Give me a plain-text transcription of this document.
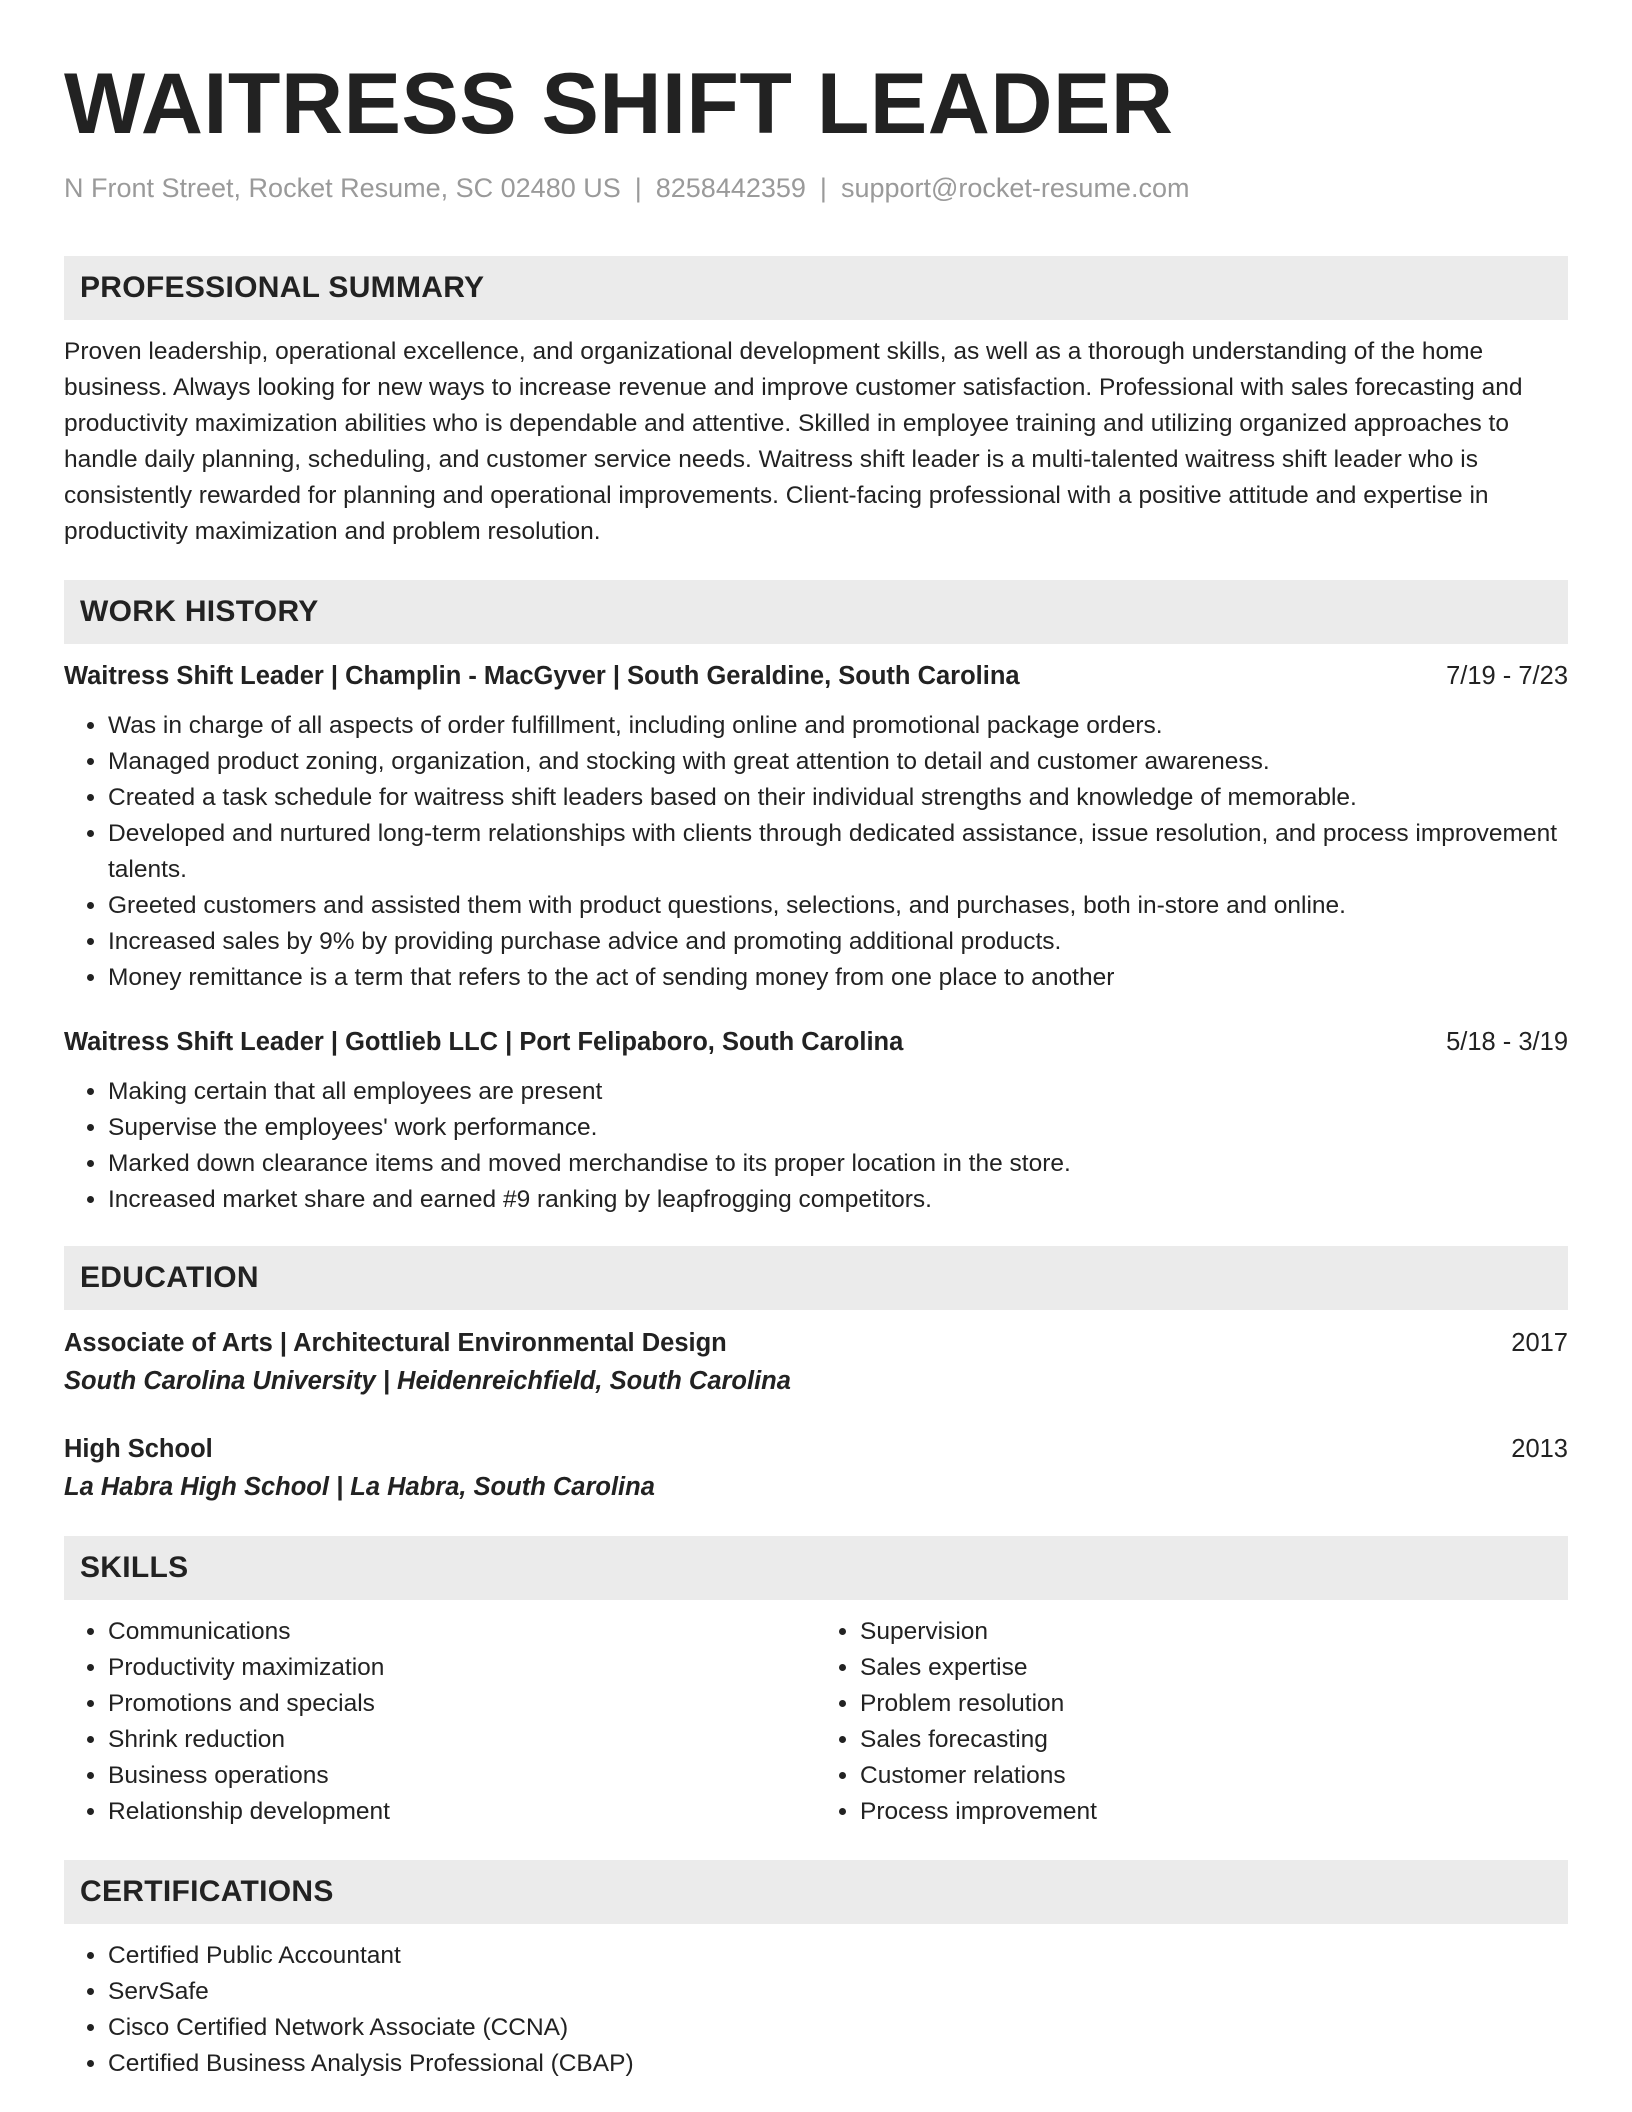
WAITRESS SHIFT LEADER
N Front Street, Rocket Resume, SC 02480 US | 8258442359 | support@rocket-resume.com
PROFESSIONAL SUMMARY

Proven leadership, operational excellence, and organizational development skills, as well as a thorough understanding of the home business. Always looking for new ways to increase revenue and improve customer satisfaction. Professional with sales forecasting and productivity maximization abilities who is dependable and attentive. Skilled in employee training and utilizing organized approaches to handle daily planning, scheduling, and customer service needs. Waitress shift leader is a multi-talented waitress shift leader who is consistently rewarded for planning and operational improvements. Client-facing professional with a positive attitude and expertise in productivity maximization and problem resolution.

WORK HISTORY
Waitress Shift Leader | Champlin - MacGyver | South Geraldine, South Carolina	7/19 - 7/23
• Was in charge of all aspects of order fulfillment, including online and promotional package orders.
• Managed product zoning, organization, and stocking with great attention to detail and customer awareness.
• Created a task schedule for waitress shift leaders based on their individual strengths and knowledge of memorable.
• Developed and nurtured long-term relationships with clients through dedicated assistance, issue resolution, and process improvement talents.
• Greeted customers and assisted them with product questions, selections, and purchases, both in-store and online.
• Increased sales by 9% by providing purchase advice and promoting additional products.
• Money remittance is a term that refers to the act of sending money from one place to another
Waitress Shift Leader | Gottlieb LLC | Port Felipaboro, South Carolina	5/18 - 3/19
• Making certain that all employees are present
• Supervise the employees' work performance.
• Marked down clearance items and moved merchandise to its proper location in the store.
• Increased market share and earned #9 ranking by leapfrogging competitors.
EDUCATION
Associate of Arts | Architectural Environmental Design	2017
South Carolina University | Heidenreichfield, South Carolina
High School	2013
La Habra High School | La Habra, South Carolina
SKILLS
• Communications
• Productivity maximization
• Promotions and specials
• Shrink reduction
• Business operations
• Relationship development
• Supervision
• Sales expertise
• Problem resolution
• Sales forecasting
• Customer relations
• Process improvement
CERTIFICATIONS
• Certified Public Accountant
• ServSafe
• Cisco Certified Network Associate (CCNA)
• Certified Business Analysis Professional (CBAP)
